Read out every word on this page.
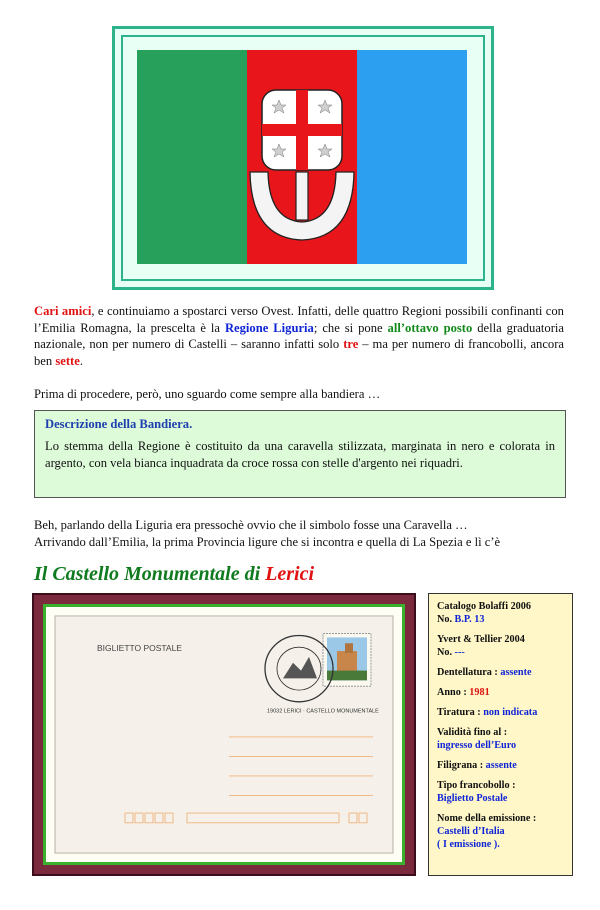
Cari amici, e continuiamo a spostarci verso Ovest. Infatti, delle quattro Regioni possibili confinanti con l’Emilia Romagna, la prescelta è la Regione Liguria; che si pone all’ottavo posto della graduatoria nazionale, non per numero di Castelli – saranno infatti solo tre – ma per numero di francobolli, ancora ben sette.

Prima di procedere, però, uno sguardo come sempre alla bandiera …

Descrizione della Bandiera.
Lo stemma della Regione è costituito da una caravella stilizzata, marginata in nero e colorata in argento, con vela bianca inquadrata da croce rossa con stelle d'argento nei riquadri.

Beh, parlando della Liguria era pressochè ovvio che il simbolo fosse una Caravella …

Arrivando dall’Emilia, la prima Provincia ligure che si incontra e quella di La Spezia e lì c’è

Il Castello Monumentale di Lerici
BIGLIETTO POSTALE
19032 LERICI · CASTELLO MONUMENTALE
Catalogo Bolaffi 2006
No. B.P. 13
Yvert & Tellier 2004
No. ---
Dentellatura : assente
Anno : 1981
Tiratura : non indicata
Validità fino al :
ingresso dell’Euro
Filigrana : assente
Tipo francobollo :
Biglietto Postale
Nome della emissione :
Castelli d’Italia
( I emissione ).
